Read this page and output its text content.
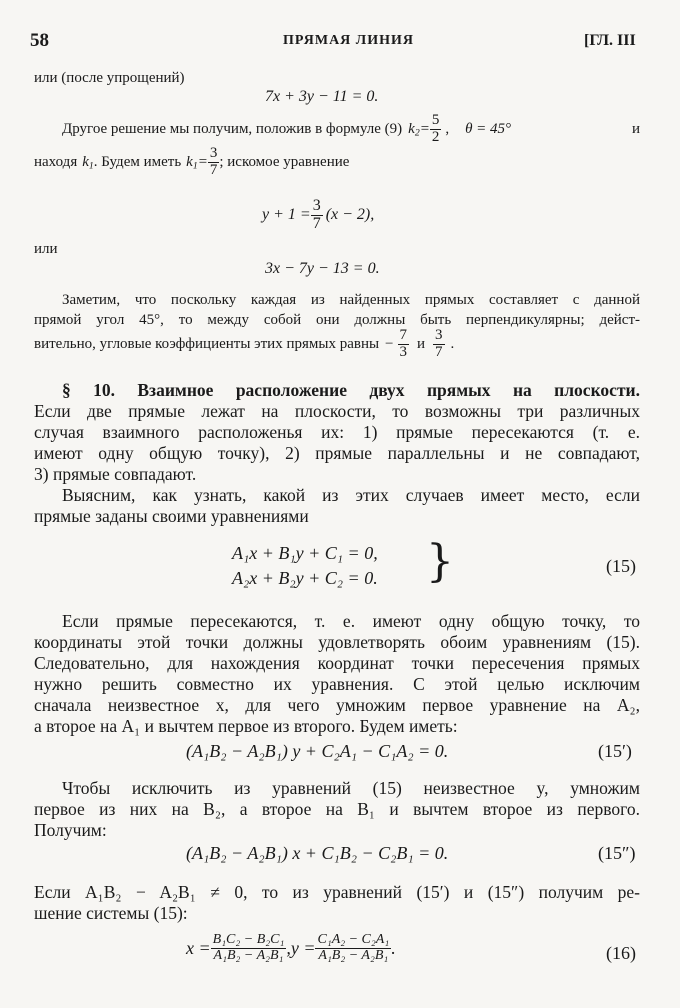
58	ПРЯМАЯ ЛИНИЯ	[ГЛ. III
или (после упрощений)
7x + 3y − 11 = 0.
Другое решение мы получим, положив в формуле (9) $k_2 = \frac{5}{2}$ , θ = 45°	и
находя $k_1$ . Будем иметь $k_1 = \frac{3}{7}$ ; искомое уравнение
$y + 1 = \frac{3}{7} (x - 2)$,
или
3x − 7y − 13 = 0.
Заметим, что поскольку каждая из найденных прямых составляет с данной
прямой угол 45°, то между собой они должны быть перпендикулярны; дейст-
вительно, угловые коэффициенты этих прямых равны − $\frac{7}{3}$ и $\frac{3}{7}$ .
§ 10. Взаимное расположение двух прямых на плоскости.
Если две прямые лежат на плоскости, то возможны три различных
случая взаимного расположенья их: 1) прямые пересекаются (т. е.
имеют одну общую точку), 2) прямые параллельны и не совпадают,
3) прямые совпадают.
Выясним, как узнать, какой из этих случаев имеет место, если
прямые заданы своими уравнениями
A₁x + B₁y + C₁ = 0,
A₂x + B₂y + C₂ = 0. }	(15)
Если прямые пересекаются, т. е. имеют одну общую точку, то
координаты этой точки должны удовлетворять обоим уравнениям (15).
Следовательно, для нахождения координат точки пересечения прямых
нужно решить совместно их уравнения. С этой целью исключим
сначала неизвестное x, для чего умножим первое уравнение на A₂,
а второе на A₁ и вычтем первое из второго. Будем иметь:
(A₁B₂ − A₂B₁) y + C₂A₁ − C₁A₂ = 0.	(15′)
Чтобы исключить из уравнений (15) неизвестное y, умножим
первое из них на B₂, а второе на B₁ и вычтем второе из первого.
Получим:
(A₁B₂ − A₂B₁) x + C₁B₂ − C₂B₁ = 0.	(15″)
Если A₁B₂ − A₂B₁ ≠ 0, то из уравнений (15′) и (15″) получим ре-
шение системы (15):
$x = \frac{\text{B₁C₂ − B₂C₁}}{\text{A₁B₂ − A₂B₁}}$ , $y = \frac{\text{C₁A₂ − C₂A₁}}{\text{A₁B₂ − A₂B₁}}$ .	(16)
